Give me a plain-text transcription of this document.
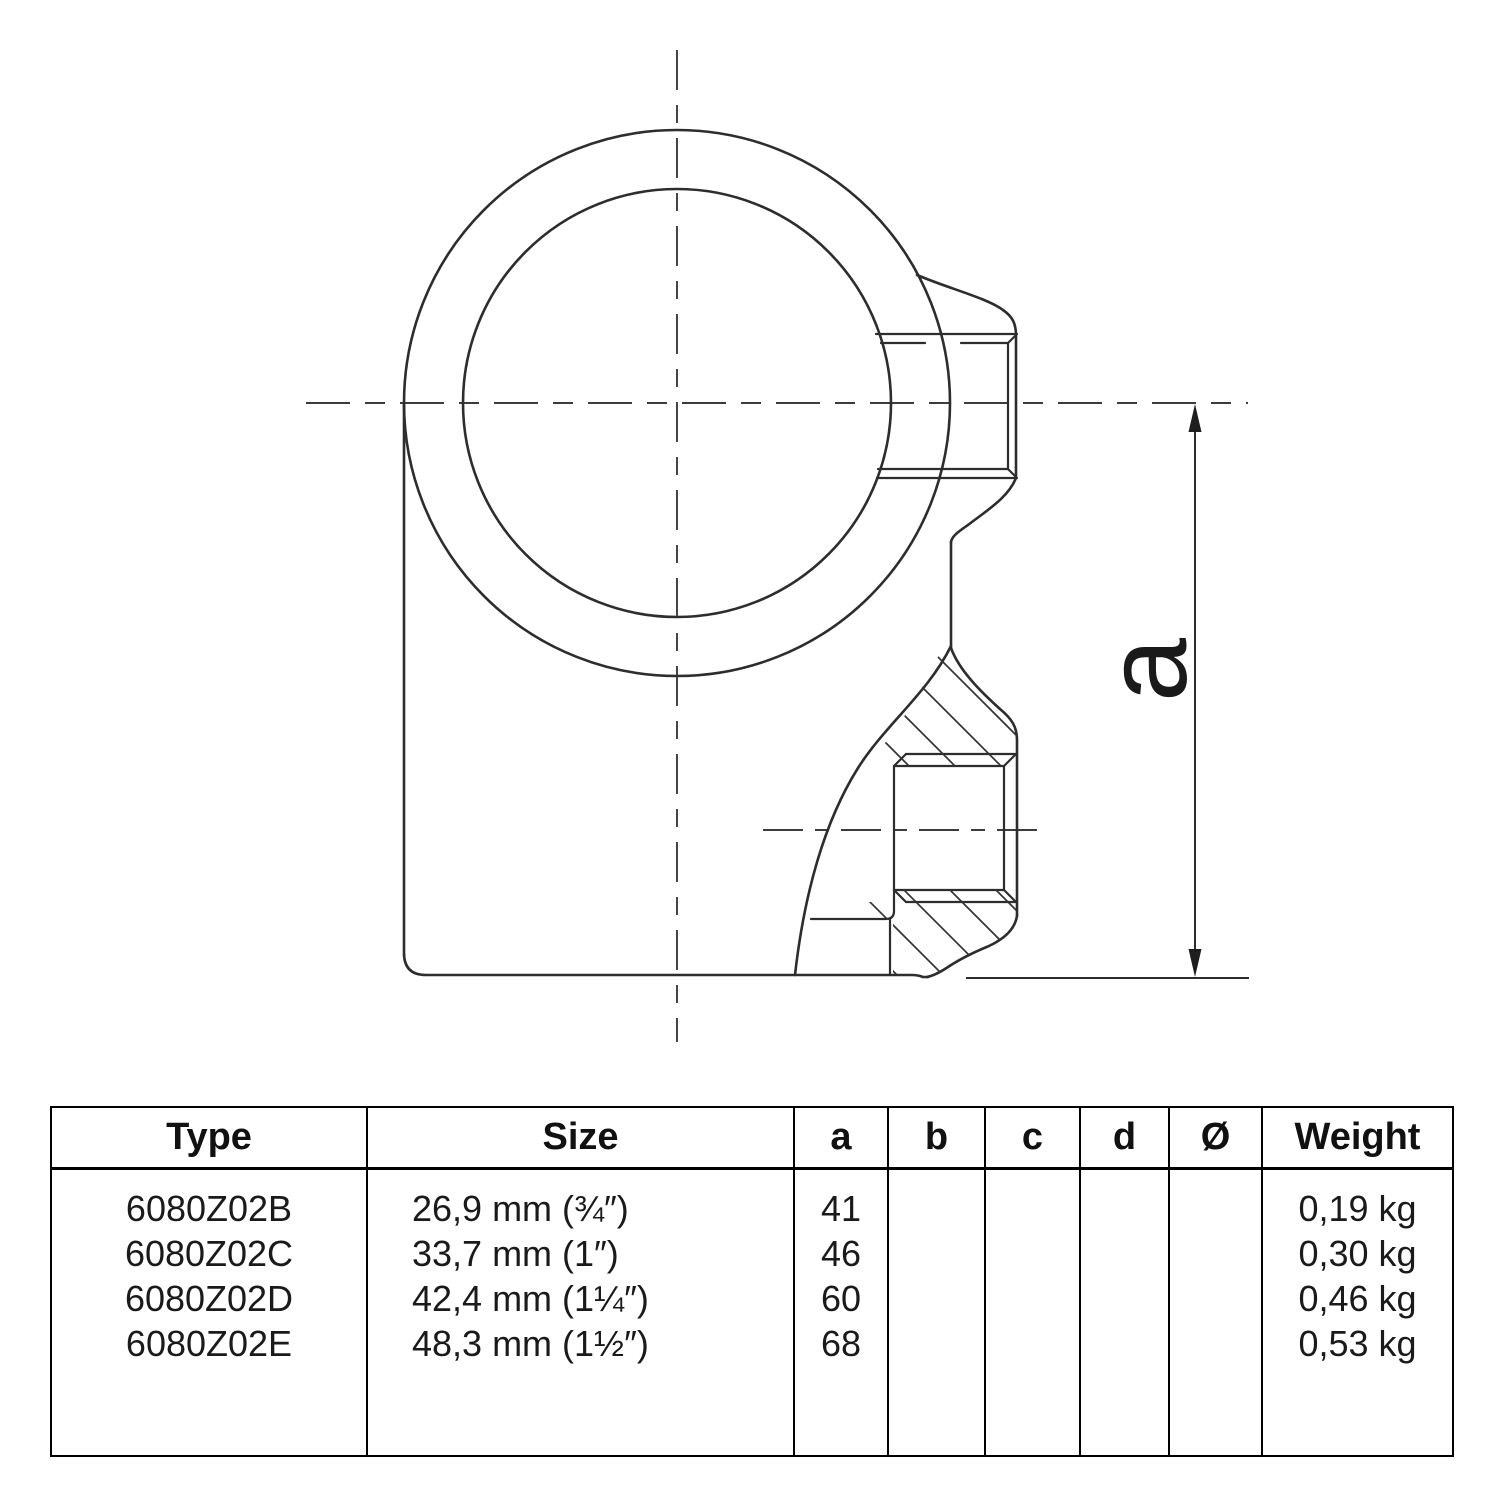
a
Type	Size	a	b	c	d	Ø	Weight

6080Z02B	26,9 mm (¾″)	41					0,19 kg
6080Z02C	33,7 mm (1″)	46					0,30 kg
6080Z02D	42,4 mm (1¼″)	60					0,46 kg
6080Z02E	48,3 mm (1½″)	68					0,53 kg
